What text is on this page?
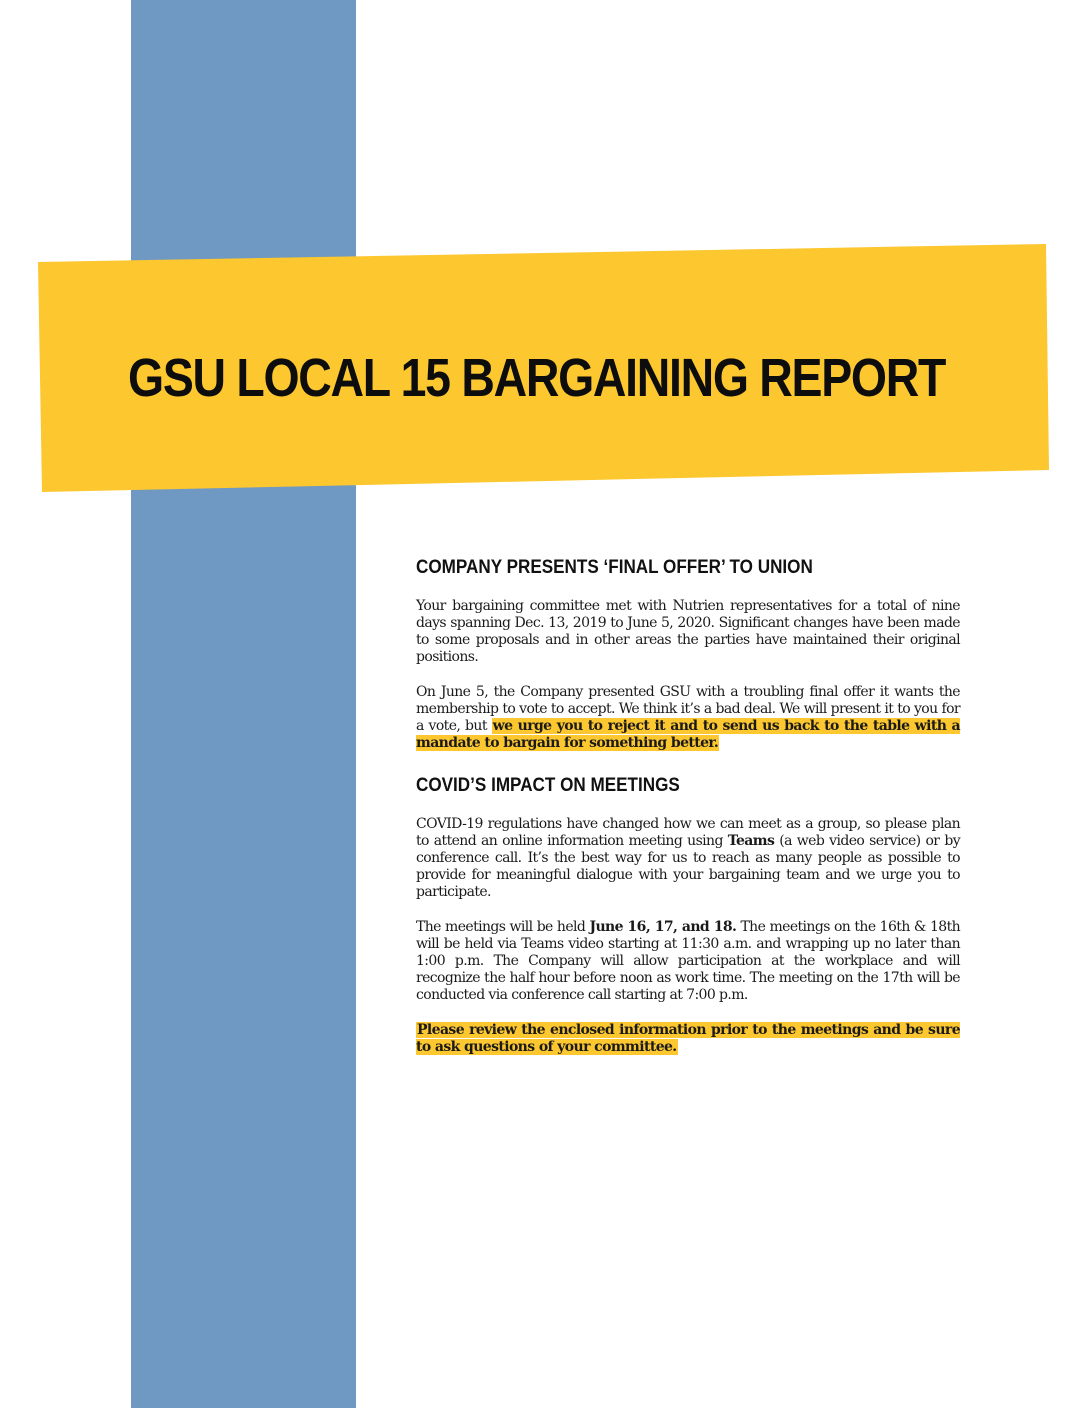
GSU LOCAL 15 BARGAINING REPORT
COMPANY PRESENTS ‘FINAL OFFER’ TO UNION

Your bargaining committee met with Nutrien representatives for a total of nine days spanning Dec. 13, 2019 to June 5, 2020. Significant changes have been made to some proposals and in other areas the parties have maintained their original positions.

On June 5, the Company presented GSU with a troubling final offer it wants the membership to vote to accept. We think it’s a bad deal. We will present it to you for a vote, but we urge you to reject it and to send us back to the table with a mandate to bargain for something better.

COVID’S IMPACT ON MEETINGS

COVID-19 regulations have changed how we can meet as a group, so please plan to attend an online information meeting using Teams (a web video service) or by conference call. It’s the best way for us to reach as many people as possible to provide for meaningful dialogue with your bargaining team and we urge you to participate.

The meetings will be held June 16, 17, and 18. The meetings on the 16th & 18th will be held via Teams video starting at 11:30 a.m. and wrapping up no later than 1:00 p.m. The Company will allow participation at the workplace and will recognize the half hour before noon as work time. The meeting on the 17th will be conducted via conference call starting at 7:00 p.m.

Please review the enclosed information prior to the meetings and be sure to ask questions of your committee.
